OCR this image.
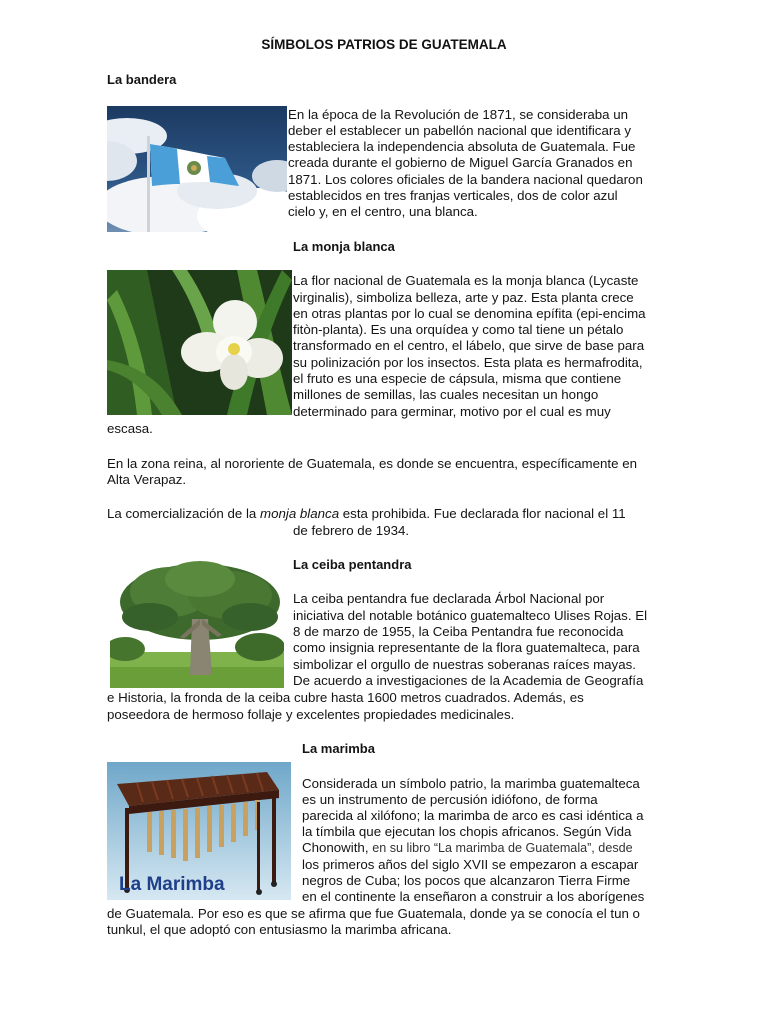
SÍMBOLOS PATRIOS DE GUATEMALA
La bandera
En la época de la Revolución de 1871, se consideraba un
deber el establecer un pabellón nacional que identificara y
estableciera la independencia absoluta de Guatemala. Fue
creada durante el gobierno de Miguel García Granados en
1871. Los colores oficiales de la bandera nacional quedaron
establecidos en tres franjas verticales, dos de color azul
cielo y, en el centro, una blanca.
La monja blanca
La flor nacional de Guatemala es la monja blanca (Lycaste
virginalis), simboliza belleza, arte y paz. Esta planta crece
en otras plantas por lo cual se denomina epífita (epi-encima
fitòn-planta). Es una orquídea y como tal tiene un pétalo
transformado en el centro, el lábelo, que sirve de base para
su polinización por los insectos. Esta plata es hermafrodita,
el fruto es una especie de cápsula, misma que contiene
millones de semillas, las cuales necesitan un hongo
determinado para germinar, motivo por el cual es muy
escasa.
En la zona reina, al nororiente de Guatemala, es donde se encuentra, específicamente en
Alta Verapaz.
La comercialización de la monja blanca esta prohibida. Fue declarada flor nacional el 11
de febrero de 1934.
La ceiba pentandra
La ceiba pentandra fue declarada Árbol Nacional por
iniciativa del notable botánico guatemalteco Ulises Rojas. El
8 de marzo de 1955, la Ceiba Pentandra fue reconocida
como insignia representante de la flora guatemalteca, para
simbolizar el orgullo de nuestras soberanas raíces mayas.
De acuerdo a investigaciones de la Academia de Geografía
e Historia, la fronda de la ceiba cubre hasta 1600 metros cuadrados. Además, es
poseedora de hermoso follaje y excelentes propiedades medicinales.
La marimba
La Marimba
Considerada un símbolo patrio, la marimba guatemalteca
es un instrumento de percusión idiófono, de forma
parecida al xilófono; la marimba de arco es casi idéntica a
la tímbila que ejecutan los chopis africanos. Según Vida
Chonowith, en su libro “La marimba de Guatemala”, desde
los primeros años del siglo XVII se empezaron a escapar
negros de Cuba; los pocos que alcanzaron Tierra Firme
en el continente la enseñaron a construir a los aborígenes
de Guatemala. Por eso es que se afirma que fue Guatemala, donde ya se conocía el tun o
tunkul, el que adoptó con entusiasmo la marimba africana.
